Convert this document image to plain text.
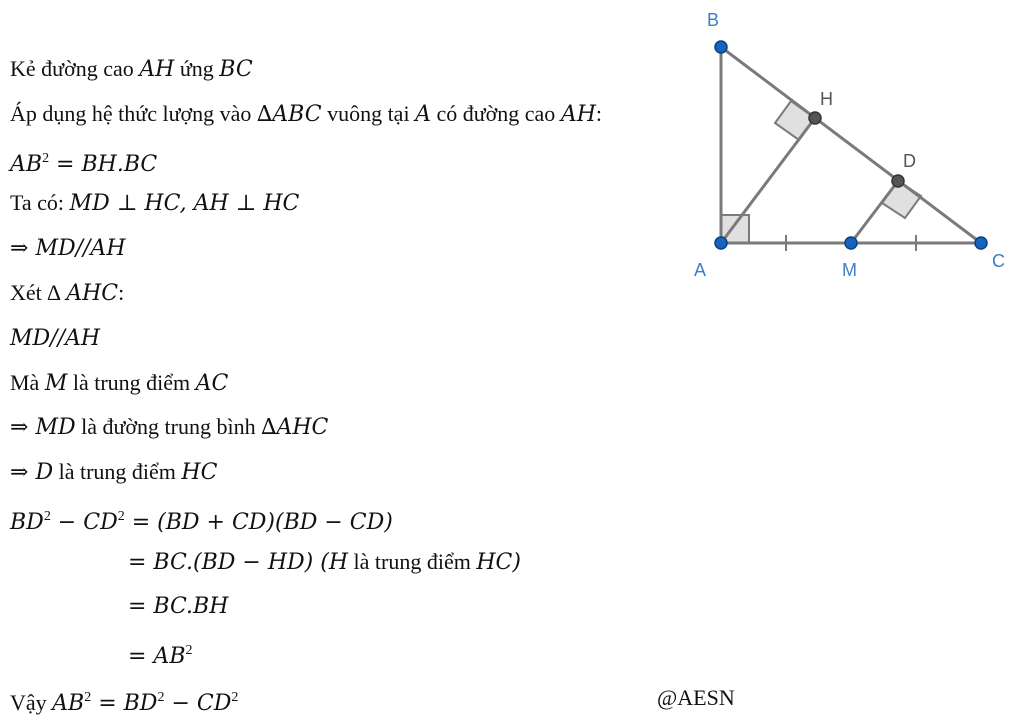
Kẻ đường cao AH ứng BC
Áp dụng hệ thức lượng vào ∆ABC vuông tại A có đường cao AH:
$AB^2 = BH.BC$
Ta có: MD ⊥ HC, AH ⊥ HC
⇒ MD//AH
Xét ∆ AHC:
MD//AH
Mà M là trung điểm AC
⇒ MD là đường trung bình ∆AHC
⇒ D là trung điểm HC
$BD^2 - CD^2 = (BD + CD)(BD - CD)$
= BC.(BD − HD) (H là trung điểm HC)
= BC.BH
= $AB^2$
Vậy $AB^2 = BD^2 - CD^2$	@AESN
B
H
D
A	M	C
